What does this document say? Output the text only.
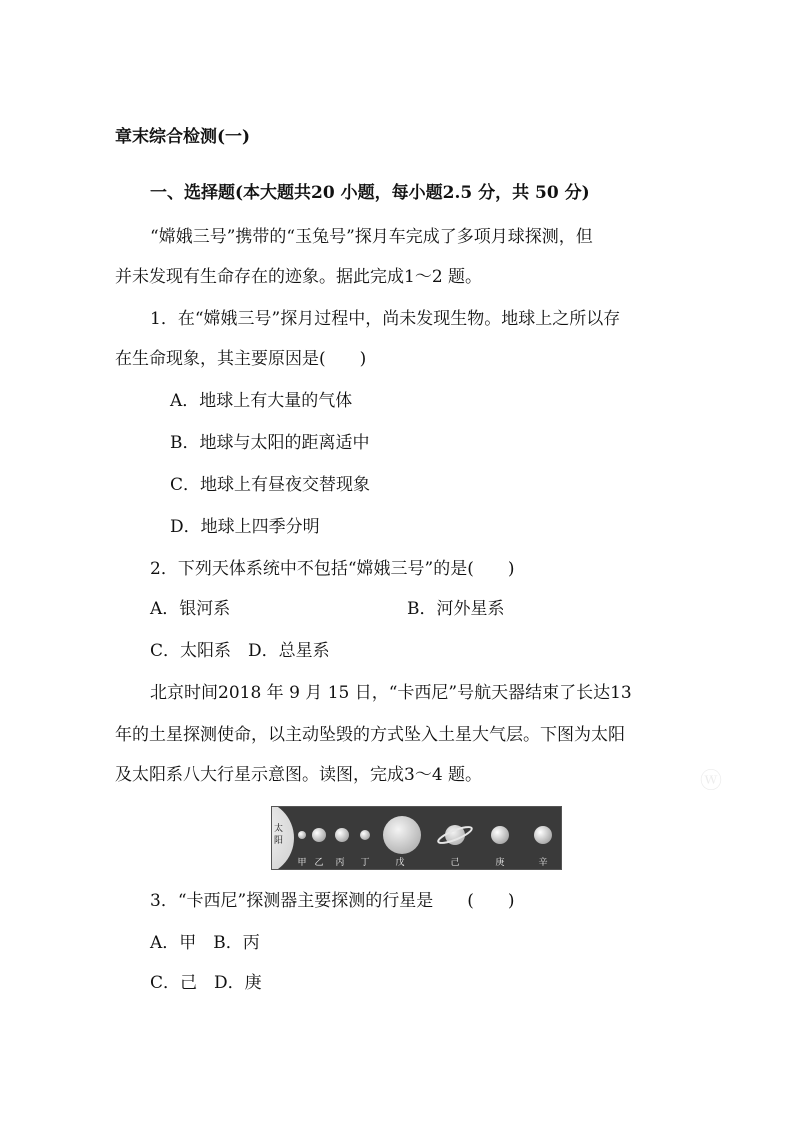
章末综合检测(一)
一、选择题(本大题共20 小题，每小题2.5 分，共 50 分)
“嫦娥三号”携带的“玉兔号”探月车完成了多项月球探测，但
并未发现有生命存在的迹象。据此完成1～2 题。
1．在“嫦娥三号”探月过程中，尚未发现生物。地球上之所以存
在生命现象，其主要原因是(　　)
A．地球上有大量的气体
B．地球与太阳的距离适中
C．地球上有昼夜交替现象
D．地球上四季分明
2．下列天体系统中不包括“嫦娥三号”的是(　　)
A．银河系	B．河外星系
C．太阳系　D．总星系
北京时间2018 年 9 月 15 日，“卡西尼”号航天器结束了长达13
年的土星探测使命，以主动坠毁的方式坠入土星大气层。下图为太阳
及太阳系八大行星示意图。读图，完成3～4 题。	ⓦ
太
阳
甲 乙 丙 丁	戊	己	庚	辛
3．“卡西尼”探测器主要探测的行星是　　(　　)
A．甲　B．丙
C．己　D．庚
